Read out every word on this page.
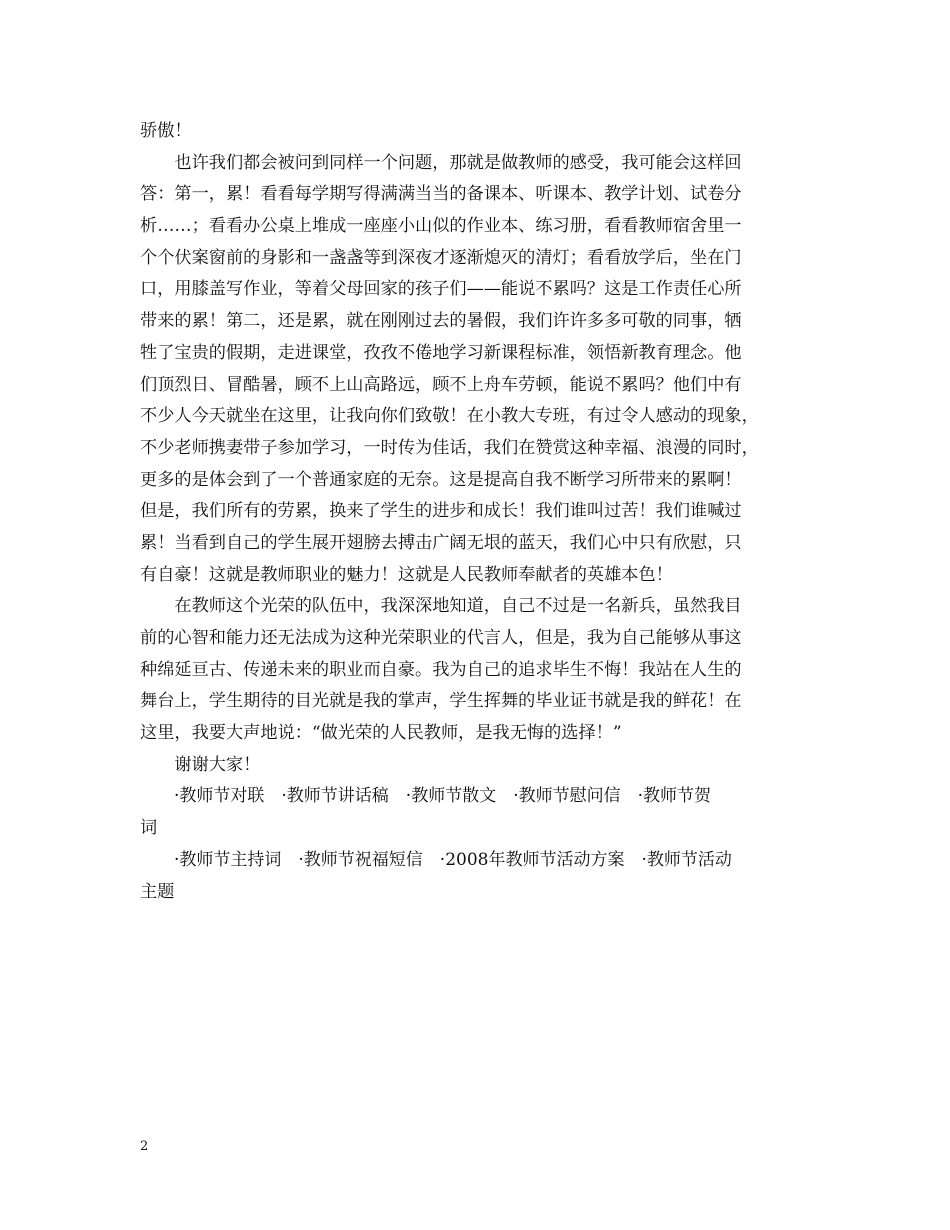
骄傲！
　　也许我们都会被问到同样一个问题，那就是做教师的感受，我可能会这样回
答：第一，累！看看每学期写得满满当当的备课本、听课本、教学计划、试卷分
析……；看看办公桌上堆成一座座小山似的作业本、练习册，看看教师宿舍里一
个个伏案窗前的身影和一盏盏等到深夜才逐渐熄灭的清灯；看看放学后，坐在门
口，用膝盖写作业，等着父母回家的孩子们——能说不累吗？这是工作责任心所
带来的累！第二，还是累，就在刚刚过去的暑假，我们许许多多可敬的同事，牺
牲了宝贵的假期，走进课堂，孜孜不倦地学习新课程标准，领悟新教育理念。他
们顶烈日、冒酷暑，顾不上山高路远，顾不上舟车劳顿，能说不累吗？他们中有
不少人今天就坐在这里，让我向你们致敬！在小教大专班，有过令人感动的现象，
不少老师携妻带子参加学习，一时传为佳话，我们在赞赏这种幸福、浪漫的同时，
更多的是体会到了一个普通家庭的无奈。这是提高自我不断学习所带来的累啊！
但是，我们所有的劳累，换来了学生的进步和成长！我们谁叫过苦！我们谁喊过
累！当看到自己的学生展开翅膀去搏击广阔无垠的蓝天，我们心中只有欣慰，只
有自豪！这就是教师职业的魅力！这就是人民教师奉献者的英雄本色！
　　在教师这个光荣的队伍中，我深深地知道，自己不过是一名新兵，虽然我目
前的心智和能力还无法成为这种光荣职业的代言人，但是，我为自己能够从事这
种绵延亘古、传递未来的职业而自豪。我为自己的追求毕生不悔！我站在人生的
舞台上，学生期待的目光就是我的掌声，学生挥舞的毕业证书就是我的鲜花！在
这里，我要大声地说：“做光荣的人民教师，是我无悔的选择！”
　　谢谢大家！
　　·教师节对联　·教师节讲话稿　·教师节散文　·教师节慰问信　·教师节贺
词
　　·教师节主持词　·教师节祝福短信　·2008年教师节活动方案　·教师节活动
主题
2
